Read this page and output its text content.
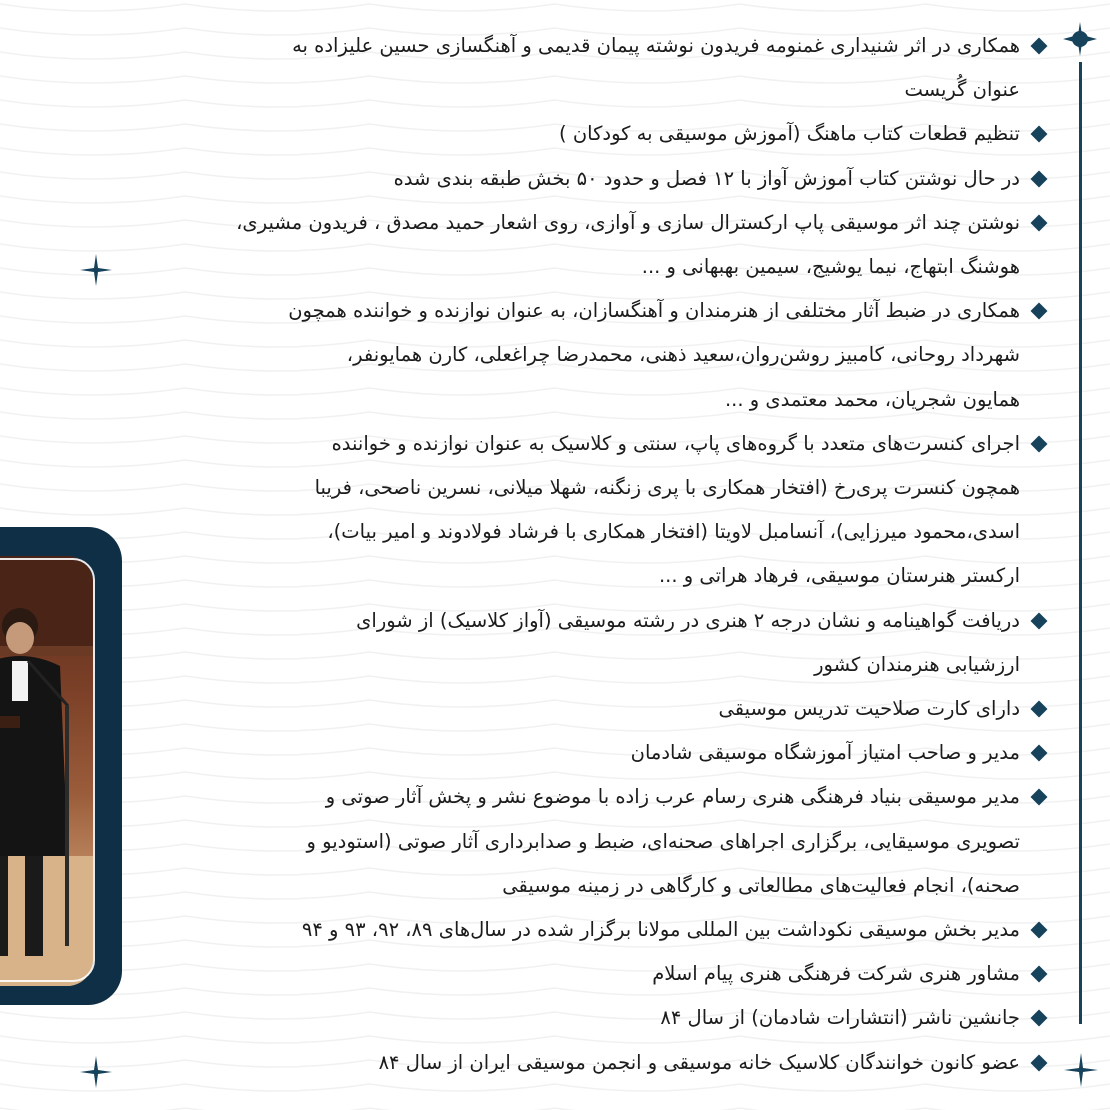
همکاری در اثر شنیداری غمنومه فریدون نوشته پیمان قدیمی و آهنگسازی حسین علیزاده به
عنوان گُریست
تنظیم قطعات کتاب ماهنگ (آموزش موسیقی به کودکان )
در حال نوشتن کتاب آموزش آواز با ۱۲ فصل و حدود ۵۰ بخش طبقه بندی شده
نوشتن چند اثر موسیقی پاپ ارکسترال سازی و آوازی، روی اشعار حمید مصدق ، فریدون مشیری،
هوشنگ ابتهاج، نیما یوشیج، سیمین بهبهانی و ...
همکاری در ضبط آثار مختلفی از هنرمندان و آهنگسازان، به عنوان نوازنده و خواننده همچون
شهرداد روحانی، کامبیز روشن‌روان،سعید ذهنی، محمدرضا چراغعلی، کارن همایونفر،
همایون شجریان، محمد معتمدی و ...
اجرای کنسرت‌های متعدد با گروه‌های پاپ، سنتی و کلاسیک به عنوان نوازنده و خواننده
همچون کنسرت پری‌رخ (افتخار همکاری با پری زنگنه، شهلا میلانی، نسرین ناصحی، فریبا
اسدی،محمود میرزایی)، آنسامبل لاویتا (افتخار همکاری با فرشاد فولادوند و امیر بیات)،
ارکستر هنرستان موسیقی، فرهاد هراتی و ...
دریافت گواهینامه و نشان درجه ۲ هنری در رشته موسیقی (آواز کلاسیک) از شورای
ارزشیابی هنرمندان کشور
دارای کارت صلاحیت تدریس موسیقی
مدیر و صاحب امتیاز آموزشگاه موسیقی شادمان
مدیر موسیقی بنیاد فرهنگی هنری رسام عرب زاده با موضوع نشر و پخش آثار صوتی و
تصویری موسیقایی، برگزاری اجراهای صحنه‌ای، ضبط و صدابرداری آثار صوتی (استودیو و
صحنه)، انجام فعالیت‌های مطالعاتی و کارگاهی در زمینه موسیقی
مدیر بخش موسیقی نکوداشت بین المللی مولانا برگزار شده در سال‌های ۸۹، ۹۲، ۹۳ و ۹۴
مشاور هنری شرکت فرهنگی هنری پیام اسلام
جانشین ناشر (انتشارات شادمان) از سال ۸۴
عضو کانون خوانندگان کلاسیک خانه موسیقی و انجمن موسیقی ایران از سال ۸۴
